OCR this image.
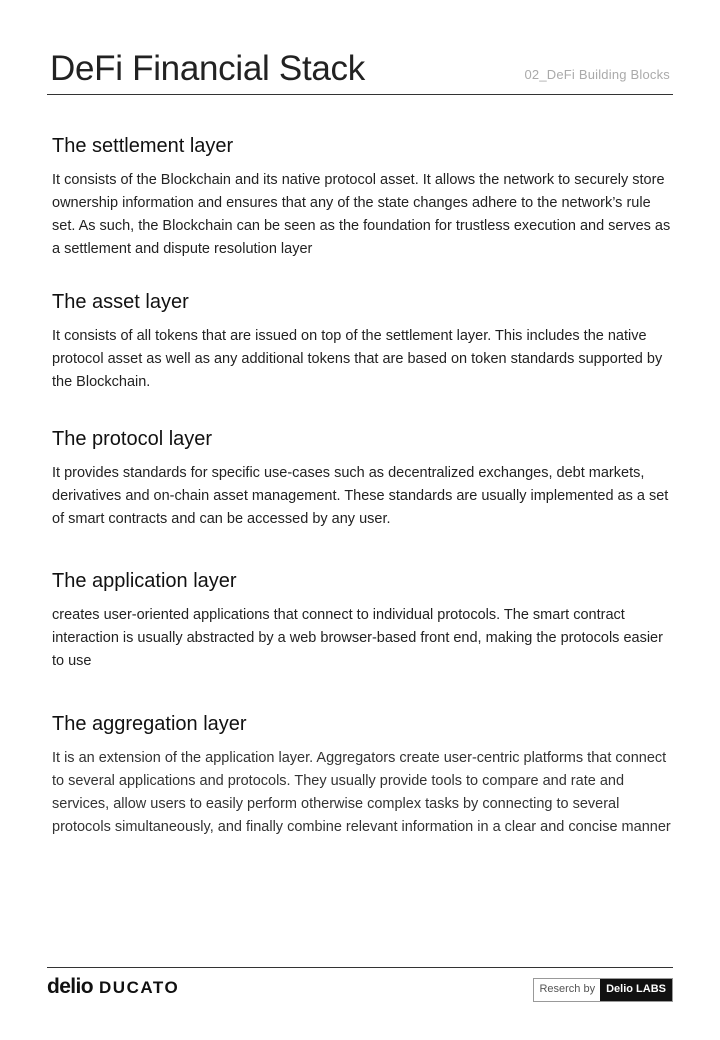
DeFi Financial Stack	02_DeFi Building Blocks
The settlement layer

It consists of the Blockchain and its native protocol asset. It allows the network to securely store ownership information and ensures that any of the state changes adhere to the network’s rule set. As such, the Blockchain can be seen as the foundation for trustless execution and serves as a settlement and dispute resolution layer

The asset layer

It consists of all tokens that are issued on top of the settlement layer. This includes the native protocol asset as well as any additional tokens that are based on token standards supported by the Blockchain.

The protocol layer

It provides standards for specific use-cases such as decentralized exchanges, debt markets, derivatives and on-chain asset management. These standards are usually implemented as a set of smart contracts and can be accessed by any user.

The application layer

creates user-oriented applications that connect to individual protocols. The smart contract interaction is usually abstracted by a web browser-based front end, making the protocols easier to use

The aggregation layer

It is an extension of the application layer. Aggregators create user-centric platforms that connect to several applications and protocols. They usually provide tools to compare and rate and services, allow users to easily perform otherwise complex tasks by connecting to several protocols simultaneously, and finally combine relevant information in a clear and concise manner

delio DUCATO	Reserch by	Delio LABS
